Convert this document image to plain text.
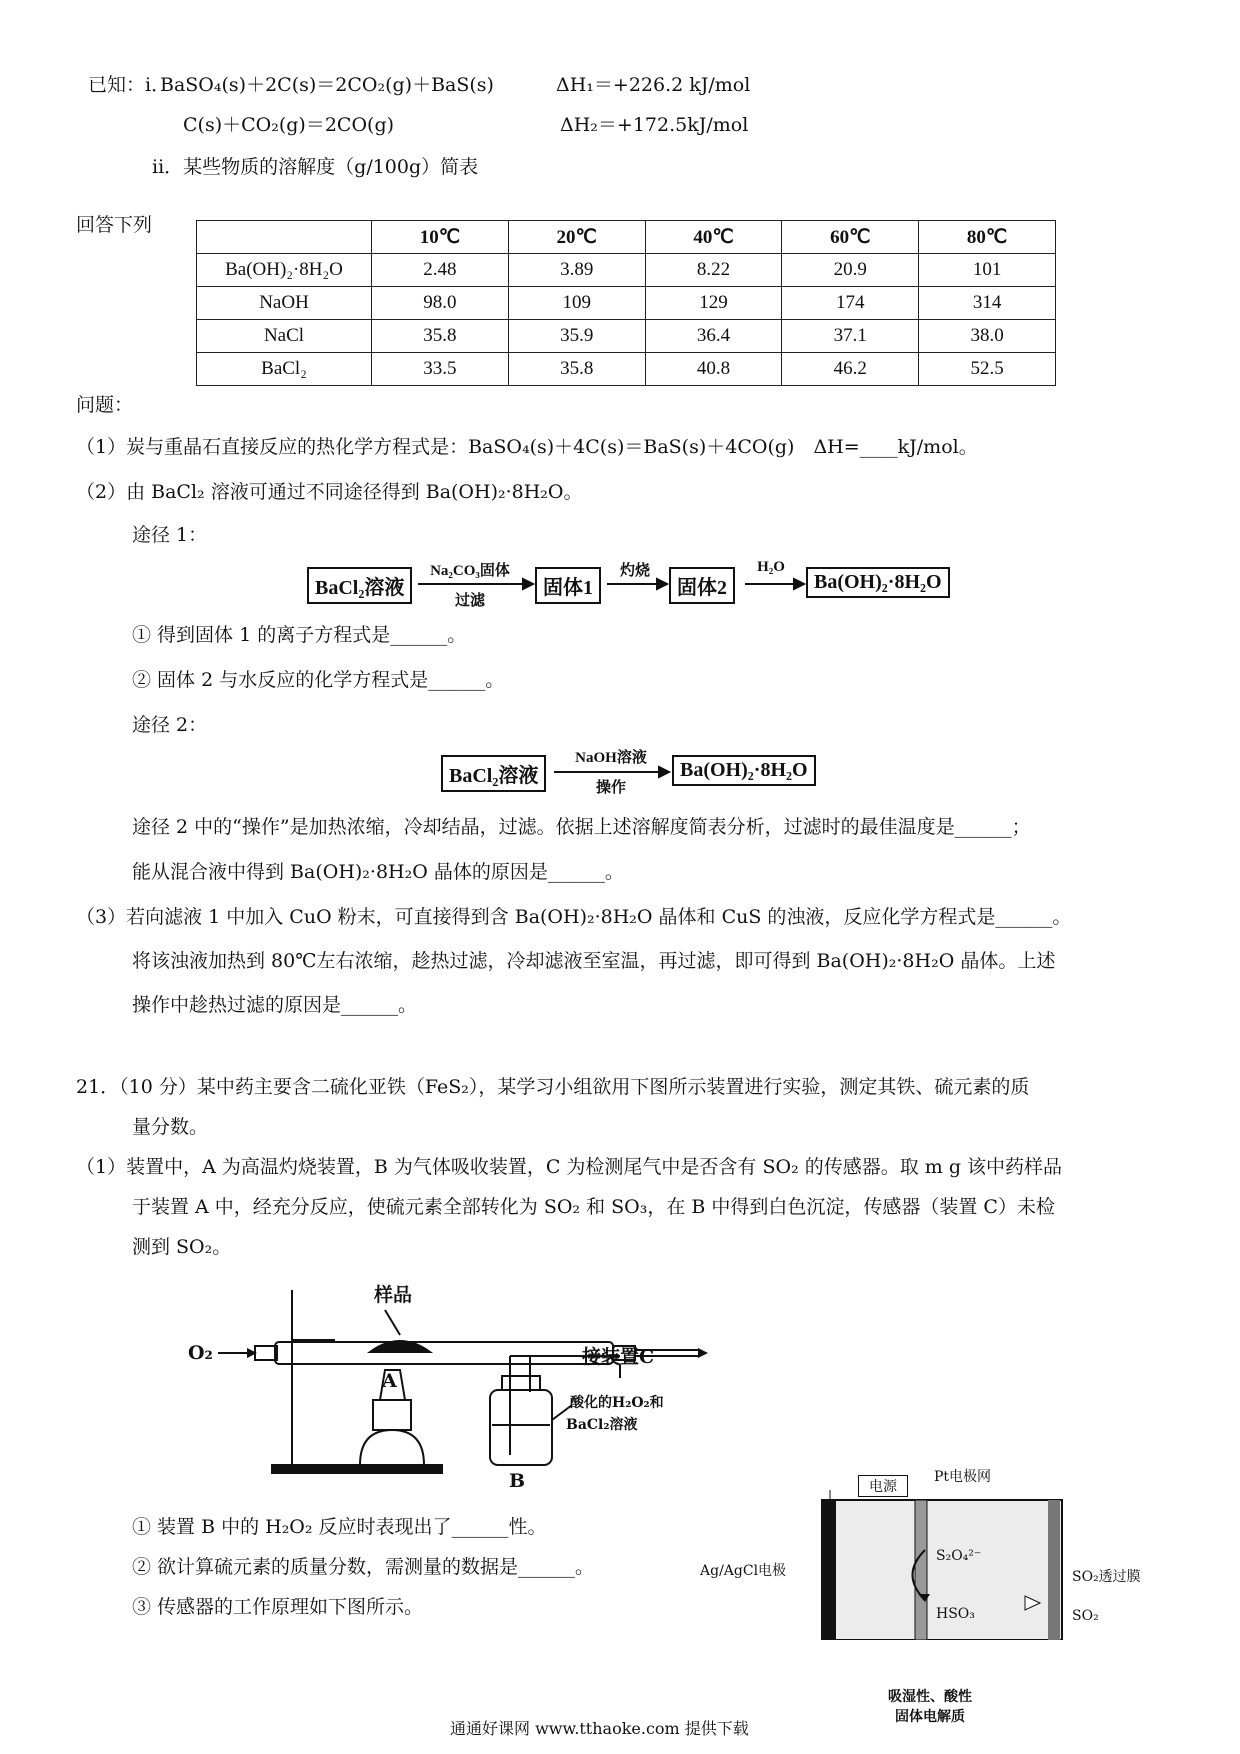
已知：i．
BaSO₄(s)＋2C(s)＝2CO₂(g)＋BaS(s)	ΔH₁＝+226.2 kJ/mol
C(s)＋CO₂(g)＝2CO(g)	ΔH₂＝+172.5kJ/mol
ii．某些物质的溶解度（g/100g）简表
回答下列
	10℃	20℃	40℃	60℃	80℃
Ba(OH)₂·8H₂O	2.48	3.89	8.22	20.9	101
NaOH	98.0	109	129	174	314
NaCl	35.8	35.9	36.4	37.1	38.0
BaCl₂	33.5	35.8	40.8	46.2	52.5
问题：
（1）炭与重晶石直接反应的热化学方程式是：BaSO₄(s)＋4C(s)＝BaS(s)＋4CO(g)　ΔH=____kJ/mol。
（2）由 BaCl₂ 溶液可通过不同途径得到 Ba(OH)₂·8H₂O。
途径 1：
BaCl₂溶液
Na₂CO₃固体
过滤
固体1
灼烧
固体2
H₂O
Ba(OH)₂·8H₂O
① 得到固体 1 的离子方程式是______。
② 固体 2 与水反应的化学方程式是______。
途径 2：
BaCl₂溶液
NaOH溶液
操作
Ba(OH)₂·8H₂O
途径 2 中的“操作”是加热浓缩，冷却结晶，过滤。依据上述溶解度简表分析，过滤时的最佳温度是______；
能从混合液中得到 Ba(OH)₂·8H₂O 晶体的原因是______。
（3）若向滤液 1 中加入 CuO 粉末，可直接得到含 Ba(OH)₂·8H₂O 晶体和 CuS 的浊液，反应化学方程式是______。
将该浊液加热到 80℃左右浓缩，趁热过滤，冷却滤液至室温，再过滤，即可得到 Ba(OH)₂·8H₂O 晶体。上述
操作中趁热过滤的原因是______。
21．（10 分）某中药主要含二硫化亚铁（FeS₂），某学习小组欲用下图所示装置进行实验，测定其铁、硫元素的质
量分数。
（1）装置中，A 为高温灼烧装置，B 为气体吸收装置，C 为检测尾气中是否含有 SO₂ 的传感器。取 m g 该中药样品
于装置 A 中，经充分反应，使硫元素全部转化为 SO₂ 和 SO₃，在 B 中得到白色沉淀，传感器（装置 C）未检
测到 SO₂。
样品
O₂
A
接装置C
酸化的H₂O₂和
BaCl₂溶液
B
① 装置 B 中的 H₂O₂ 反应时表现出了______性。
② 欲计算硫元素的质量分数，需测量的数据是______。
③ 传感器的工作原理如下图所示。
电源
Pt电极网
Ag/AgCl电极
S₂O₄²⁻
HSO₃
SO₂透过膜
SO₂
吸湿性、酸性
固体电解质
通通好课网 www.tthaoke.com 提供下载
